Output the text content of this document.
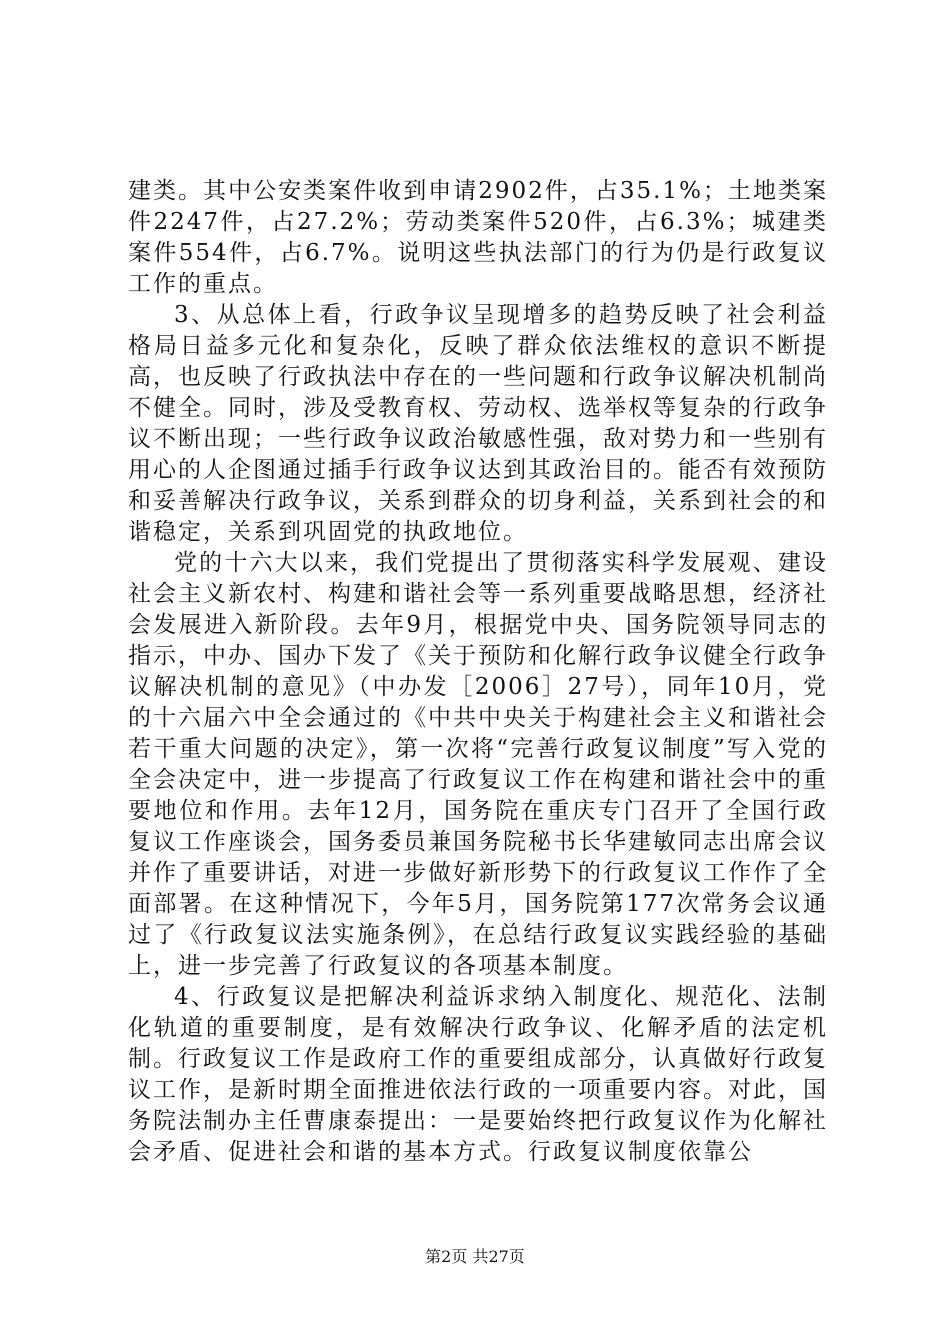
建类。其中公安类案件收到申请2902件，占35.1%；土地类案件2247件，占27.2%；劳动类案件520件，占6.3%；城建类案件554件，占6.7%。说明这些执法部门的行为仍是行政复议工作的重点。

3、从总体上看，行政争议呈现增多的趋势反映了社会利益格局日益多元化和复杂化，反映了群众依法维权的意识不断提高，也反映了行政执法中存在的一些问题和行政争议解决机制尚不健全。同时，涉及受教育权、劳动权、选举权等复杂的行政争议不断出现；一些行政争议政治敏感性强，敌对势力和一些别有用心的人企图通过插手行政争议达到其政治目的。能否有效预防和妥善解决行政争议，关系到群众的切身利益，关系到社会的和谐稳定，关系到巩固党的执政地位。

党的十六大以来，我们党提出了贯彻落实科学发展观、建设社会主义新农村、构建和谐社会等一系列重要战略思想，经济社会发展进入新阶段。去年9月，根据党中央、国务院领导同志的指示，中办、国办下发了《关于预防和化解行政争议健全行政争议解决机制的意见》（中办发［2006］27号），同年10月，党的十六届六中全会通过的《中共中央关于构建社会主义和谐社会若干重大问题的决定》，第一次将“完善行政复议制度”写入党的全会决定中，进一步提高了行政复议工作在构建和谐社会中的重要地位和作用。去年12月，国务院在重庆专门召开了全国行政复议工作座谈会，国务委员兼国务院秘书长华建敏同志出席会议并作了重要讲话，对进一步做好新形势下的行政复议工作作了全面部署。在这种情况下，今年5月，国务院第177次常务会议通过了《行政复议法实施条例》，在总结行政复议实践经验的基础上，进一步完善了行政复议的各项基本制度。

4、行政复议是把解决利益诉求纳入制度化、规范化、法制化轨道的重要制度，是有效解决行政争议、化解矛盾的法定机制。行政复议工作是政府工作的重要组成部分，认真做好行政复议工作，是新时期全面推进依法行政的一项重要内容。对此，国务院法制办主任曹康泰提出：一是要始终把行政复议作为化解社会矛盾、促进社会和谐的基本方式。行政复议制度依靠公

第2页 共27页
